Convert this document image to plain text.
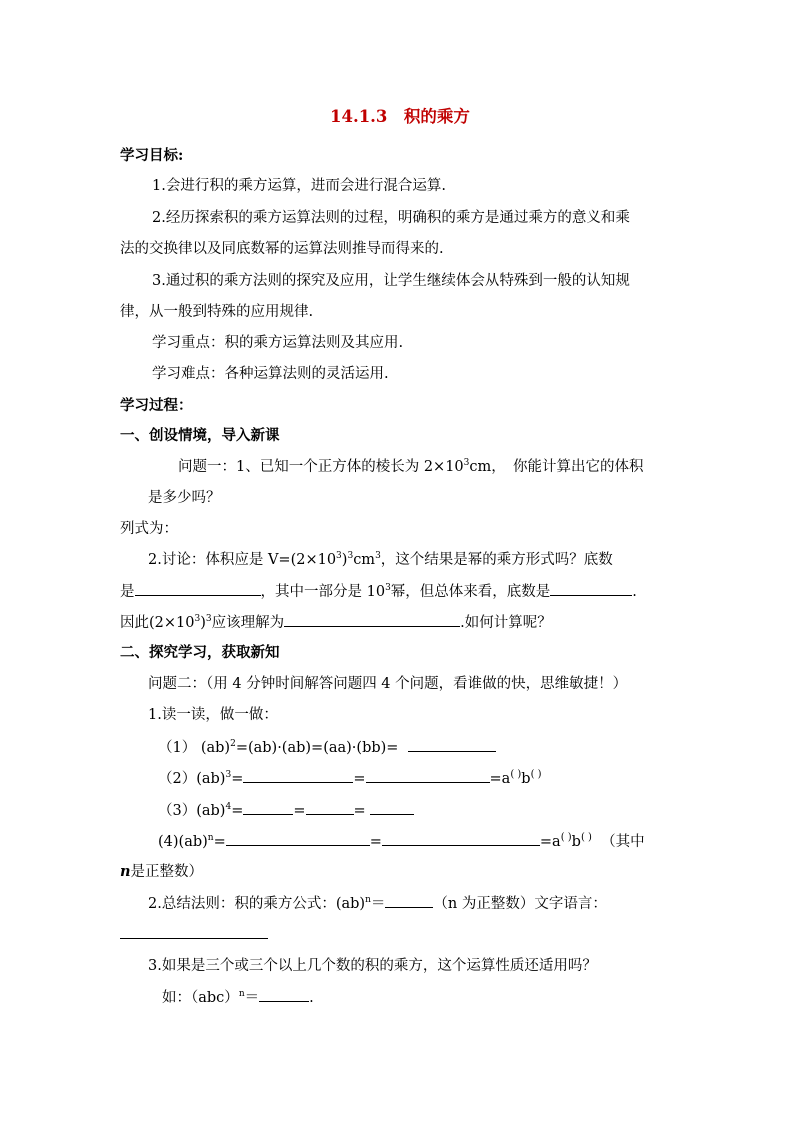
14.1.3　积的乘方
学习目标:
1.会进行积的乘方运算，进而会进行混合运算.
2.经历探索积的乘方运算法则的过程，明确积的乘方是通过乘方的意义和乘
法的交换律以及同底数幂的运算法则推导而得来的.
3.通过积的乘方法则的探究及应用，让学生继续体会从特殊到一般的认知规
律，从一般到特殊的应用规律.
学习重点：积的乘方运算法则及其应用.
学习难点：各种运算法则的灵活运用.
学习过程：
一、创设情境，导入新课
问题一：1、已知一个正方体的棱长为 $2\times 10^3cm$，　你能计算出它的体积
是多少吗？
列式为：
2.讨论：体积应是 $V=(2\times 10^3)^3cm^3$，这个结果是幂的乘方形式吗？底数
是	，其中一部分是 $10^3$幂，但总体来看，底数是	.
因此$(2\times 10^3)^3$应该理解为	.如何计算呢？
二、探究学习，获取新知
问题二：（用 4 分钟时间解答问题四 4 个问题，看谁做的快，思维敏捷！）
1.读一读，做一做：
（1） (ab)$^2$=(ab)·(ab)=(aa)·(bb)=
（2）(ab)$^3$=	=	=a( )b( )
（3）(ab)$^4$=	=	=
(4)(ab)$^n$=	=	=a( )b( ) （其中
n是正整数）
2.总结法则：积的乘方公式：(ab)$^n$＝	（n 为正整数）文字语言：
3.如果是三个或三个以上几个数的积的乘方，这个运算性质还适用吗？
如：（abc）$^n$＝	.
